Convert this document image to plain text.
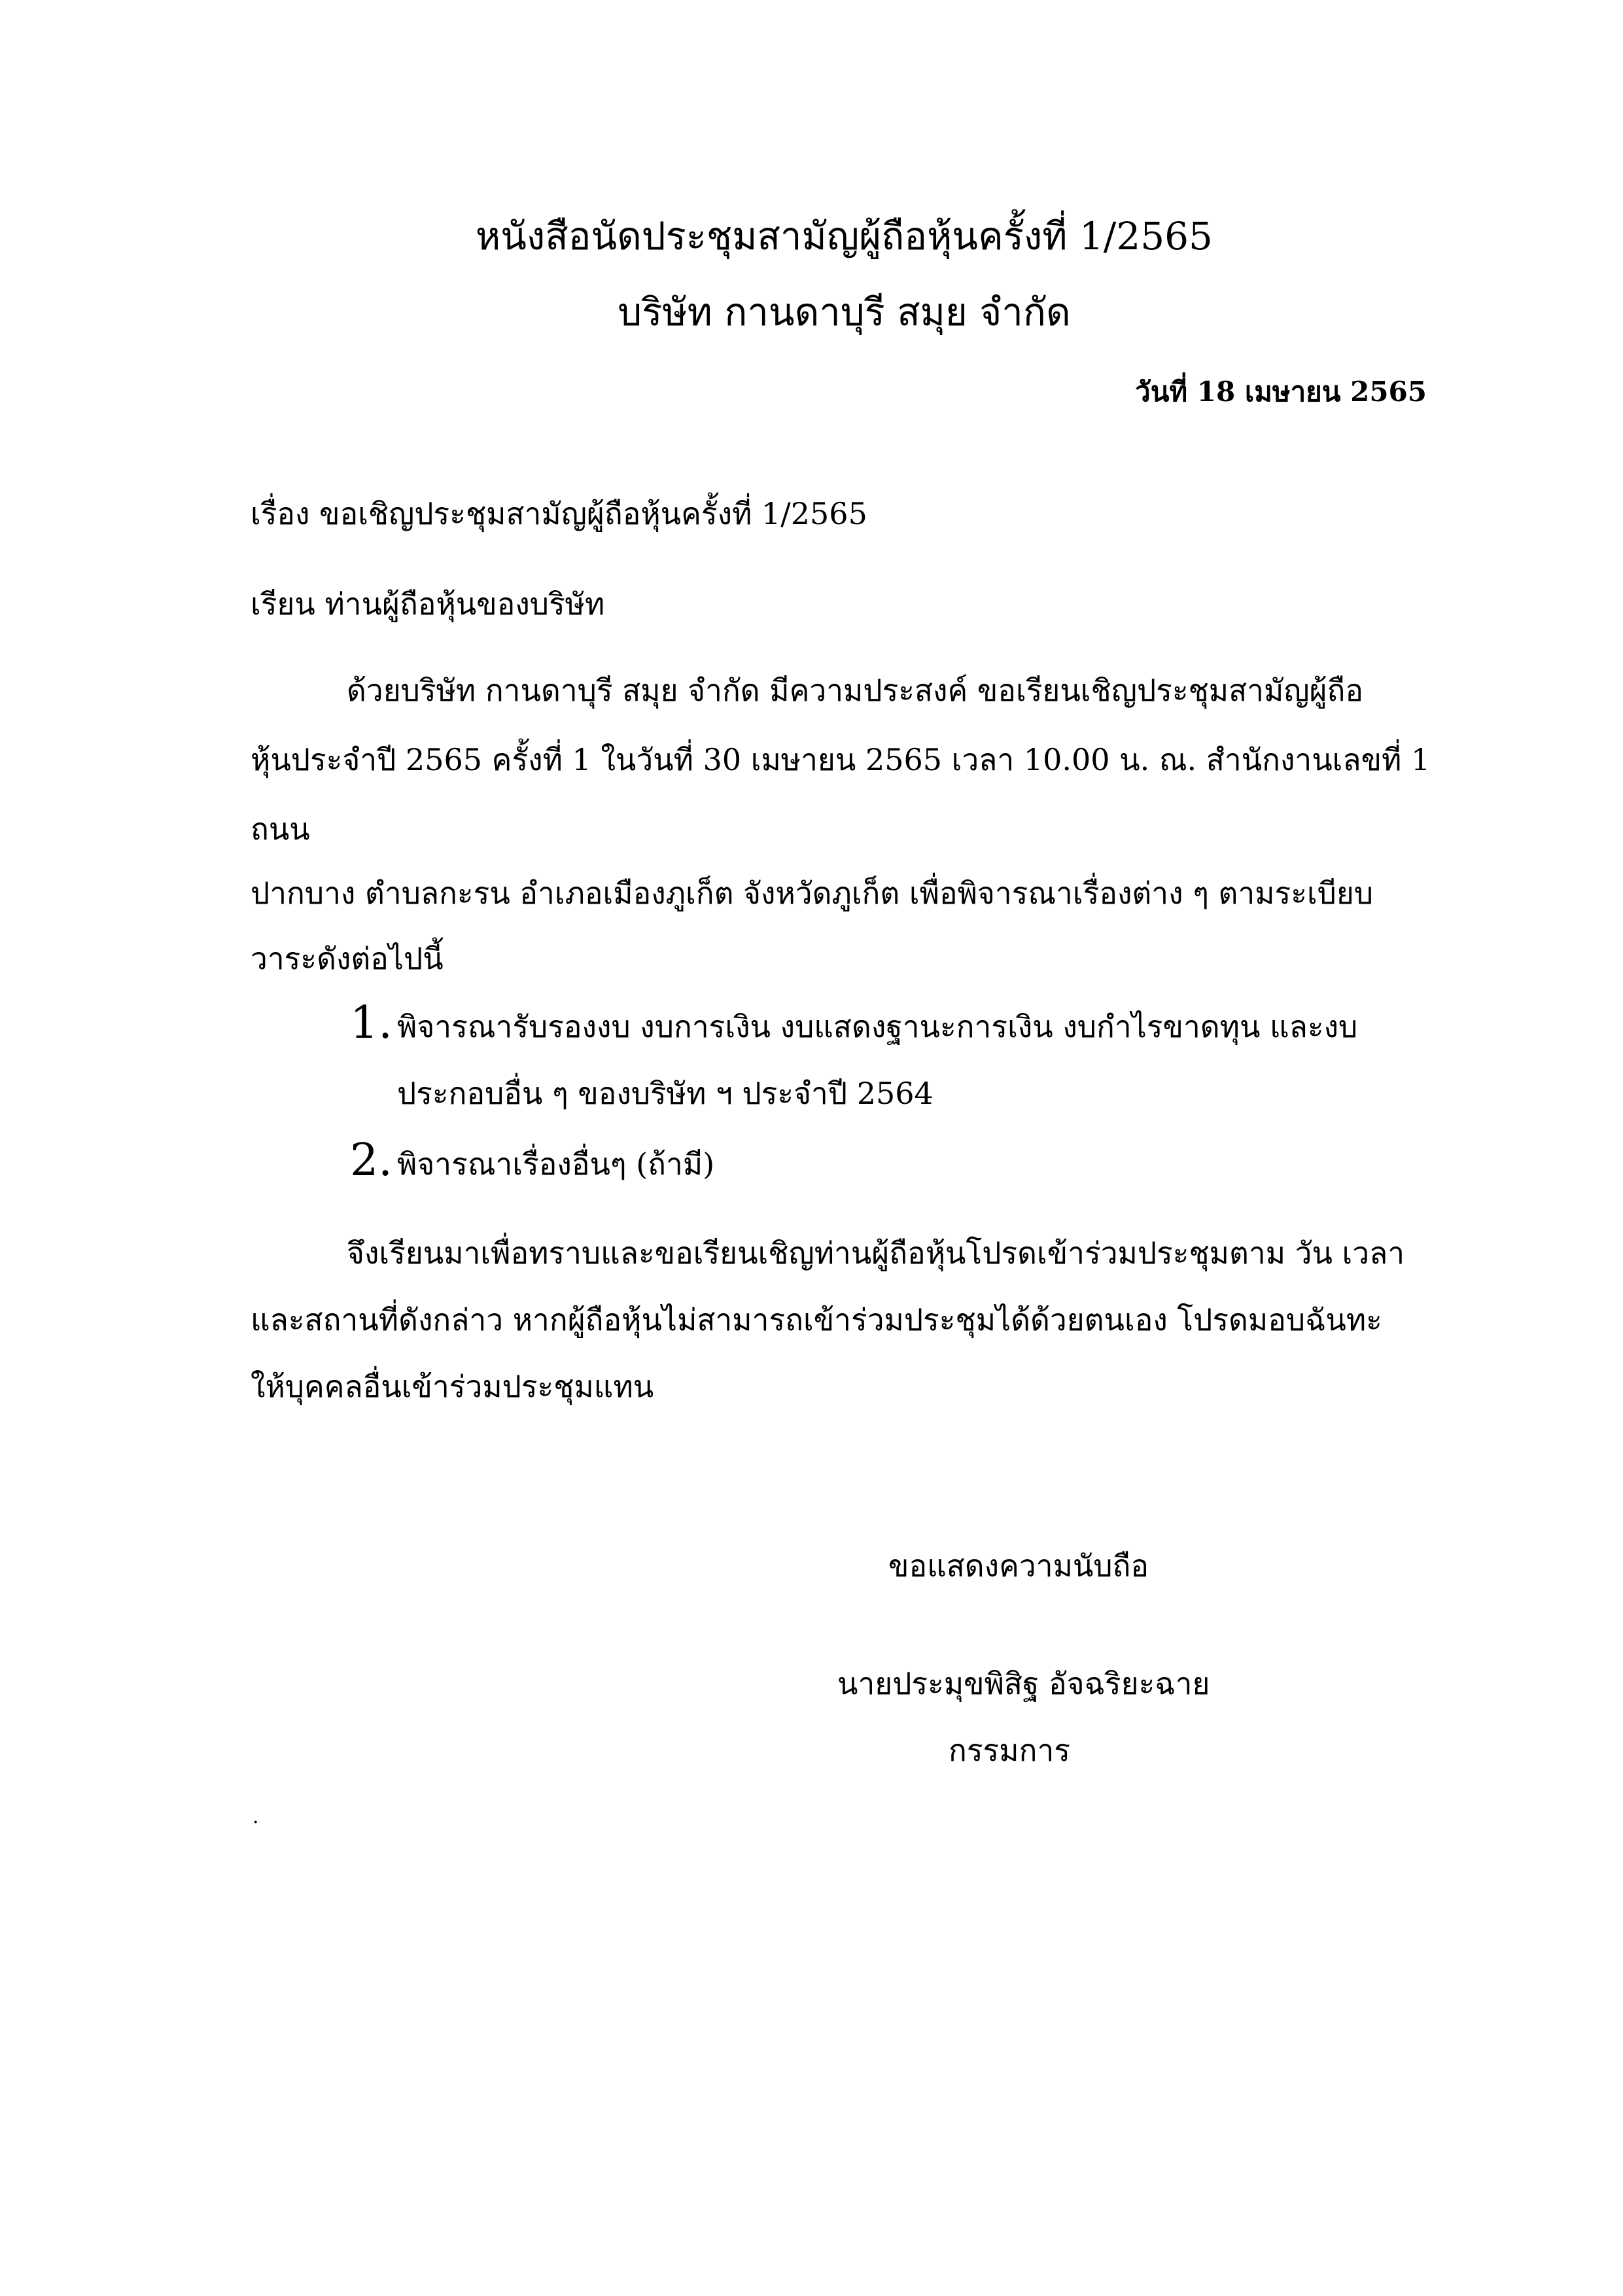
หนังสือนัดประชุมสามัญผู้ถือหุ้นครั้งที่ 1/2565
บริษัท กานดาบุรี สมุย จำกัด
วันที่ 18 เมษายน 2565
เรื่อง ขอเชิญประชุมสามัญผู้ถือหุ้นครั้งที่ 1/2565
เรียน ท่านผู้ถือหุ้นของบริษัท
ด้วยบริษัท กานดาบุรี สมุย จำกัด มีความประสงค์ ขอเรียนเชิญประชุมสามัญผู้ถือ
หุ้นประจำปี 2565 ครั้งที่ 1 ในวันที่ 30 เมษายน 2565 เวลา 10.00 น. ณ. สำนักงานเลขที่ 1
ถนน
ปากบาง ตำบลกะรน อำเภอเมืองภูเก็ต จังหวัดภูเก็ต เพื่อพิจารณาเรื่องต่าง ๆ ตามระเบียบ
วาระดังต่อไปนี้
1. พิจารณารับรองงบ งบการเงิน งบแสดงฐานะการเงิน งบกำไรขาดทุน และงบ
ประกอบอื่น ๆ ของบริษัท ฯ ประจำปี 2564
2. พิจารณาเรื่องอื่นๆ (ถ้ามี)
จึงเรียนมาเพื่อทราบและขอเรียนเชิญท่านผู้ถือหุ้นโปรดเข้าร่วมประชุมตาม วัน เวลา
และสถานที่ดังกล่าว หากผู้ถือหุ้นไม่สามารถเข้าร่วมประชุมได้ด้วยตนเอง โปรดมอบฉันทะ
ให้บุคคลอื่นเข้าร่วมประชุมแทน
ขอแสดงความนับถือ
นายประมุขพิสิฐ อัจฉริยะฉาย
กรรมการ
.
